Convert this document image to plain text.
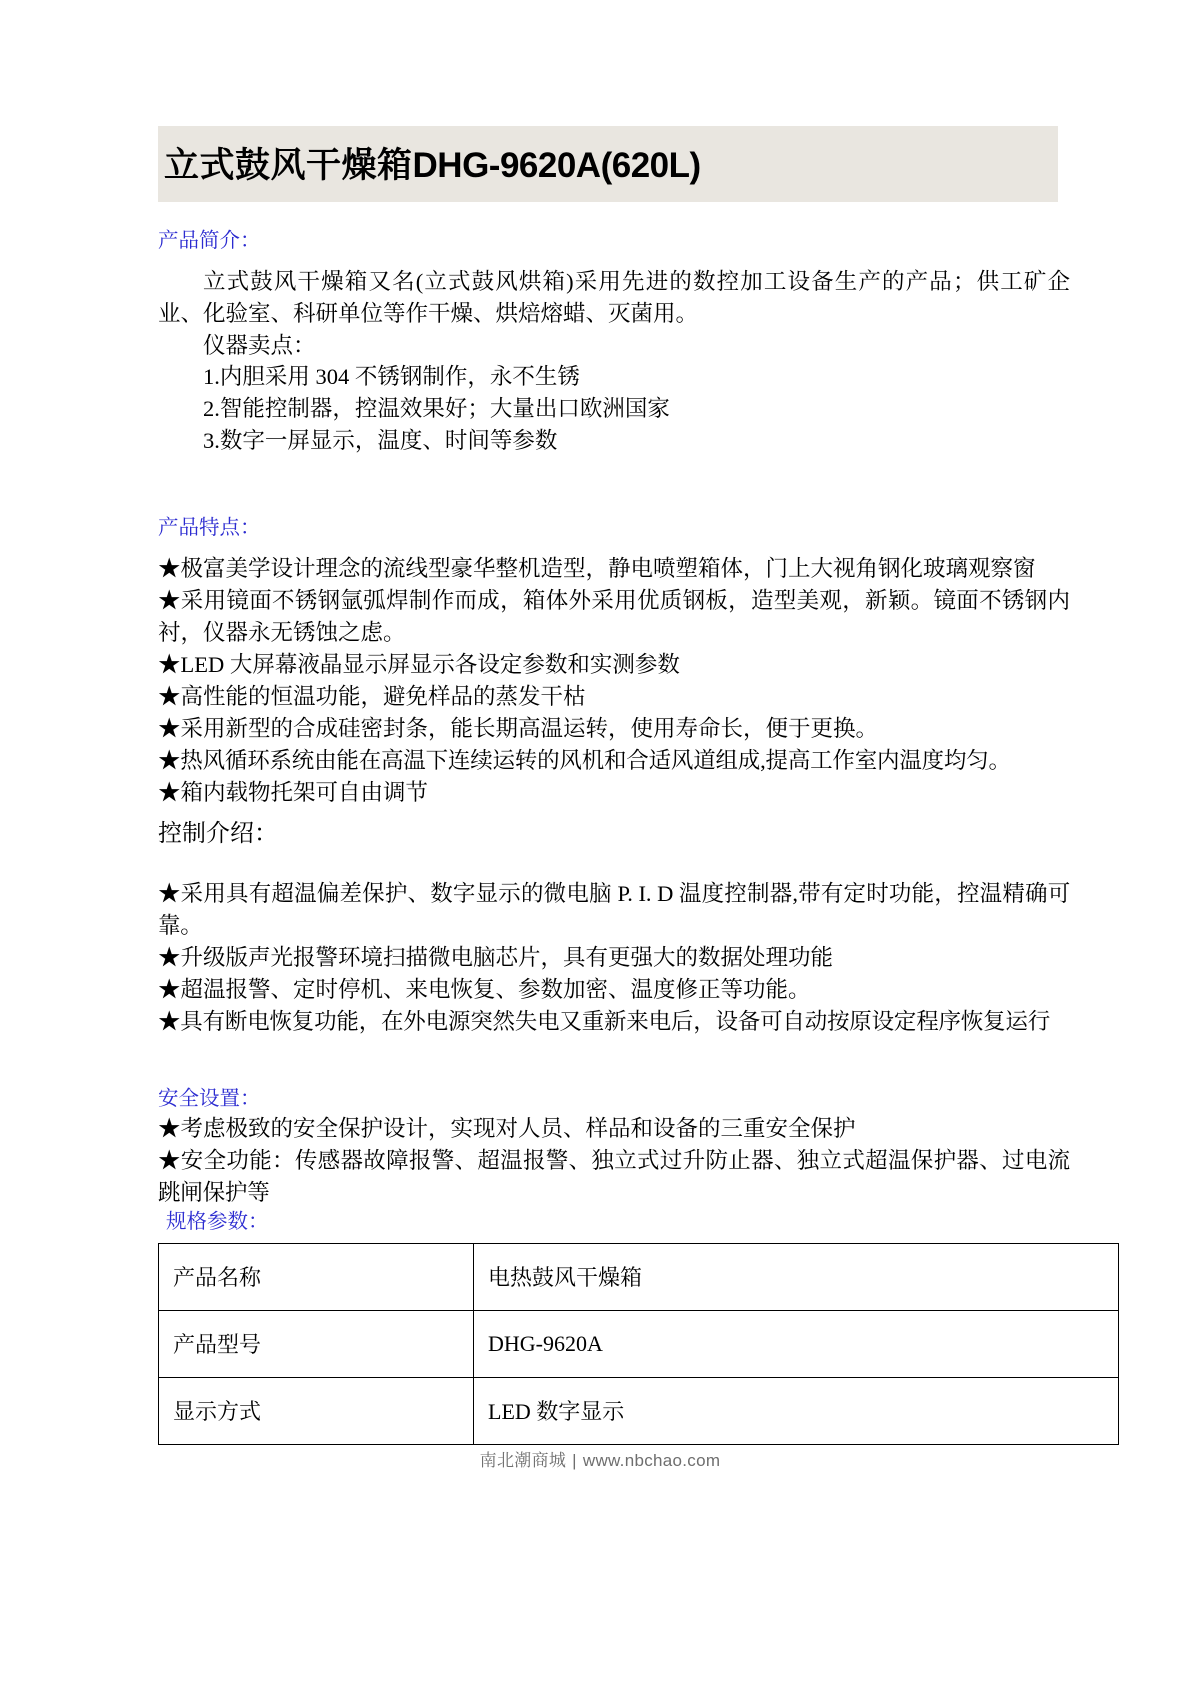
立式鼓风干燥箱DHG-9620A(620L)
产品简介：

立式鼓风干燥箱又名(立式鼓风烘箱)采用先进的数控加工设备生产的产品；供工矿企业、化验室、科研单位等作干燥、烘焙熔蜡、灭菌用。

仪器卖点：

1.内胆采用 304 不锈钢制作，永不生锈

2.智能控制器，控温效果好；大量出口欧洲国家

3.数字一屏显示，温度、时间等参数

产品特点：

★极富美学设计理念的流线型豪华整机造型，静电喷塑箱体，门上大视角钢化玻璃观察窗

★采用镜面不锈钢氩弧焊制作而成，箱体外采用优质钢板，造型美观，新颖。镜面不锈钢内衬，仪器永无锈蚀之虑。

★LED 大屏幕液晶显示屏显示各设定参数和实测参数

★高性能的恒温功能，避免样品的蒸发干枯

★采用新型的合成硅密封条，能长期高温运转，使用寿命长，便于更换。

★热风循环系统由能在高温下连续运转的风机和合适风道组成,提高工作室内温度均匀。

★箱内载物托架可自由调节

控制介绍：

★采用具有超温偏差保护、数字显示的微电脑 P. I. D 温度控制器,带有定时功能，控温精确可靠。

★升级版声光报警环境扫描微电脑芯片，具有更强大的数据处理功能

★超温报警、定时停机、来电恢复、参数加密、温度修正等功能。

★具有断电恢复功能，在外电源突然失电又重新来电后，设备可自动按原设定程序恢复运行

安全设置：

★考虑极致的安全保护设计，实现对人员、样品和设备的三重安全保护

★安全功能：传感器故障报警、超温报警、独立式过升防止器、独立式超温保护器、过电流跳闸保护等

规格参数：
产品名称	电热鼓风干燥箱
产品型号	DHG-9620A
显示方式	LED 数字显示
南北潮商城 | www.nbchao.com
